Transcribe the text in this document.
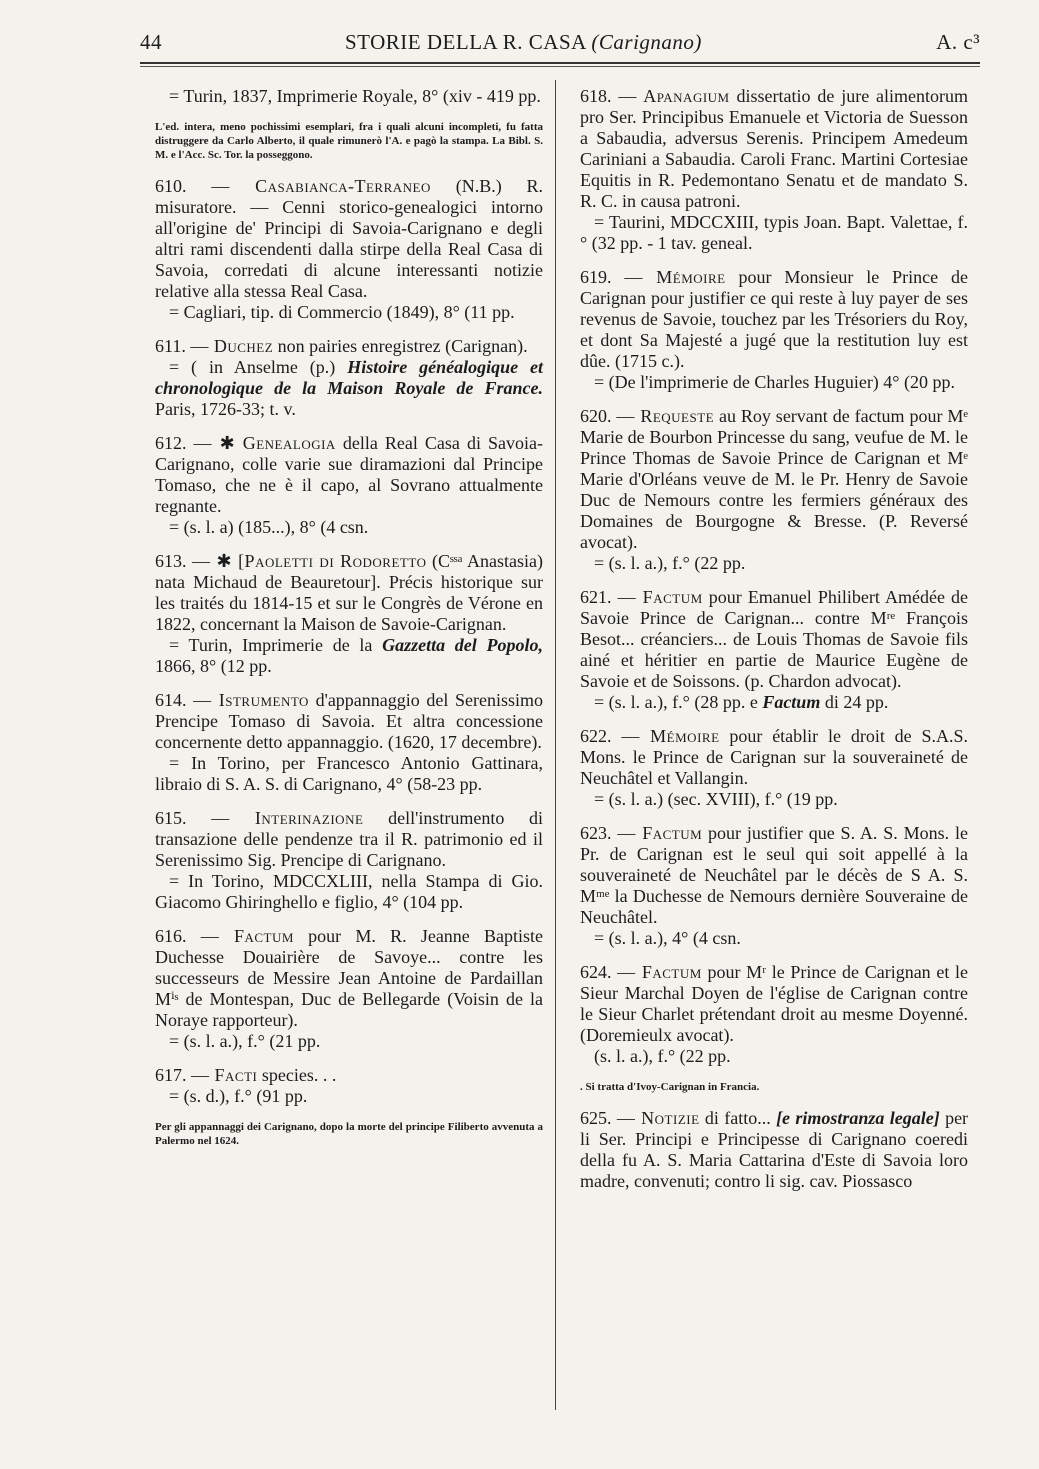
44	STORIE DELLA R. CASA (Carignano)	A. c³
= Turin, 1837, Imprimerie Royale, 8° (xiv - 419 pp.
L'ed. intera, meno pochissimi esemplari, fra i quali alcuni incompleti, fu fatta distruggere da Carlo Alberto, il quale rimunerò l'A. e pagò la stampa. La Bibl. S. M. e l'Acc. Sc. Tor. la posseggono.
610. — Casabianca-Terraneo (N.B.) R. misuratore. — Cenni storico-genealogici intorno all'origine de' Principi di Savoia-Carignano e degli altri rami discendenti dalla stirpe della Real Casa di Savoia, corredati di alcune interessanti notizie relative alla stessa Real Casa.
= Cagliari, tip. di Commercio (1849), 8° (11 pp.
611. — Duchez non pairies enregistrez (Carignan).
= ( in Anselme (p.) Histoire généalogique et chronologique de la Maison Royale de France. Paris, 1726-33; t. v.
612. — ✱ Genealogia della Real Casa di Savoia-Carignano, colle varie sue diramazioni dal Principe Tomaso, che ne è il capo, al Sovrano attualmente regnante.
= (s. l. a) (185...), 8° (4 csn.
613. — ✱ [Paoletti di Rodoretto (Cˢˢᵃ Anastasia) nata Michaud de Beauretour]. Précis historique sur les traités du 1814-15 et sur le Congrès de Vérone en 1822, concernant la Maison de Savoie-Carignan.
= Turin, Imprimerie de la Gazzetta del Popolo, 1866, 8° (12 pp.
614. — Istrumento d'appannaggio del Serenissimo Prencipe Tomaso di Savoia. Et altra concessione concernente detto appannaggio. (1620, 17 decembre).
= In Torino, per Francesco Antonio Gattinara, libraio di S. A. S. di Carignano, 4° (58-23 pp.
615. — Interinazione dell'instrumento di transazione delle pendenze tra il R. patrimonio ed il Serenissimo Sig. Prencipe di Carignano.
= In Torino, MDCCXLIII, nella Stampa di Gio. Giacomo Ghiringhello e figlio, 4° (104 pp.
616. — Factum pour M. R. Jeanne Baptiste Duchesse Douairière de Savoye... contre les successeurs de Messire Jean Antoine de Pardaillan Mⁱˢ de Montespan, Duc de Bellegarde (Voisin de la Noraye rapporteur).
= (s. l. a.), f.° (21 pp.
617. — Facti species. . .
= (s. d.), f.° (91 pp.
Per gli appannaggi dei Carignano, dopo la morte del principe Filiberto avvenuta a Palermo nel 1624.
618. — Apanagium dissertatio de jure alimentorum pro Ser. Principibus Emanuele et Victoria de Suesson a Sabaudia, adversus Serenis. Principem Amedeum Cariniani a Sabaudia. Caroli Franc. Martini Cortesiae Equitis in R. Pedemontano Senatu et de mandato S. R. C. in causa patroni.
= Taurini, MDCCXIII, typis Joan. Bapt. Valettae, f.° (32 pp. - 1 tav. geneal.
619. — Mémoire pour Monsieur le Prince de Carignan pour justifier ce qui reste à luy payer de ses revenus de Savoie, touchez par les Trésoriers du Roy, et dont Sa Majesté a jugé que la restitution luy est dûe. (1715 c.).
= (De l'imprimerie de Charles Huguier) 4° (20 pp.
620. — Requeste au Roy servant de factum pour Mᵉ Marie de Bourbon Princesse du sang, veufue de M. le Prince Thomas de Savoie Prince de Carignan et Mᵉ Marie d'Orléans veuve de M. le Pr. Henry de Savoie Duc de Nemours contre les fermiers généraux des Domaines de Bourgogne & Bresse. (P. Reversé avocat).
= (s. l. a.), f.° (22 pp.
621. — Factum pour Emanuel Philibert Amédée de Savoie Prince de Carignan... contre Mʳᵉ François Besot... créanciers... de Louis Thomas de Savoie fils ainé et héritier en partie de Maurice Eugène de Savoie et de Soissons. (p. Chardon advocat).
= (s. l. a.), f.° (28 pp. e Factum di 24 pp.
622. — Mémoire pour établir le droit de S.A.S. Mons. le Prince de Carignan sur la souveraineté de Neuchâtel et Vallangin.
= (s. l. a.) (sec. XVIII), f.° (19 pp.
623. — Factum pour justifier que S. A. S. Mons. le Pr. de Carignan est le seul qui soit appellé à la souveraineté de Neuchâtel par le décès de S A. S. Mᵐᵉ la Duchesse de Nemours dernière Souveraine de Neuchâtel.
= (s. l. a.), 4° (4 csn.
624. — Factum pour Mʳ le Prince de Carignan et le Sieur Marchal Doyen de l'église de Carignan contre le Sieur Charlet prétendant droit au mesme Doyenné. (Doremieulx avocat).
(s. l. a.), f.° (22 pp.
. Si tratta d'Ivoy-Carignan in Francia.
625. — Notizie di fatto... [e rimostranza legale] per li Ser. Principi e Principesse di Carignano coeredi della fu A. S. Maria Cattarina d'Este di Savoia loro madre, convenuti; contro li sig. cav. Piossasco
